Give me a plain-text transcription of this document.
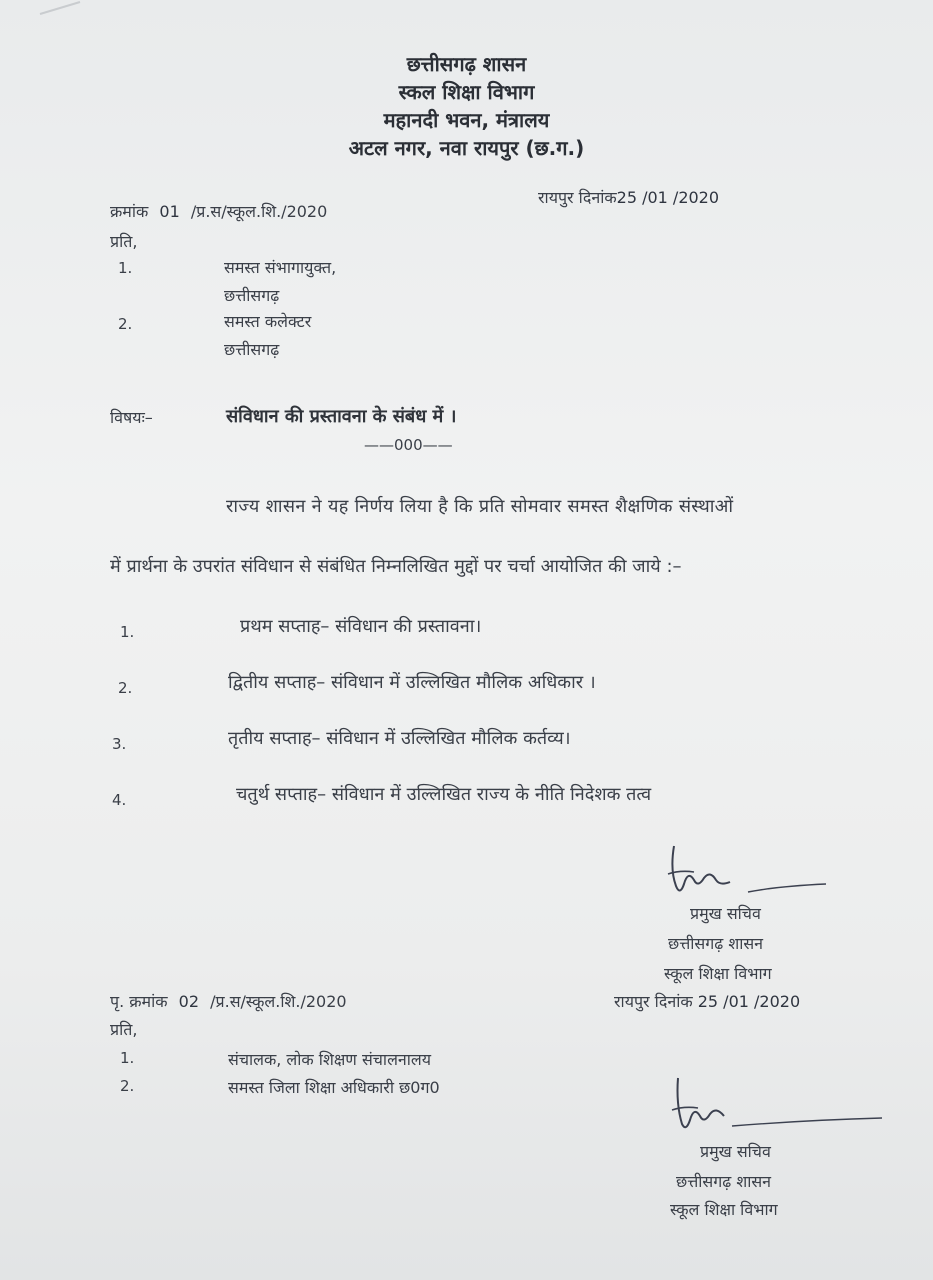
छत्तीसगढ़ शासन
स्कल शिक्षा विभाग
महानदी भवन, मंत्रालय
अटल नगर, नवा रायपुर (छ.ग.)
क्रमांक 01 /प्र.स/स्कूल.शि./2020
रायपुर दिनांक25 /01 /2020
प्रति,
1.	समस्त संभागायुक्त,
छत्तीसगढ़
2.	समस्त कलेक्टर
छत्तीसगढ़
विषयः–	संविधान की प्रस्तावना के संबंध में ।
——000——
राज्य शासन ने यह निर्णय लिया है कि प्रति सोमवार समस्त शैक्षणिक संस्थाओं
में प्रार्थना के उपरांत संविधान से संबंधित निम्नलिखित मुद्दों पर चर्चा आयोजित की जाये :–
1.	प्रथम सप्ताह– संविधान की प्रस्तावना।
2.	द्वितीय सप्ताह– संविधान में उल्लिखित मौलिक अधिकार ।
3.	तृतीय सप्ताह– संविधान में उल्लिखित मौलिक कर्तव्य।
4.	चतुर्थ सप्ताह– संविधान में उल्लिखित राज्य के नीति निदेशक तत्व
प्रमुख सचिव
छत्तीसगढ़ शासन
स्कूल शिक्षा विभाग
पृ. क्रमांक 02 /प्र.स/स्कूल.शि./2020	रायपुर दिनांक 25 /01 /2020
प्रति,
1.	संचालक, लोक शिक्षण संचालनालय
2.	समस्त जिला शिक्षा अधिकारी छ0ग0
प्रमुख सचिव
छत्तीसगढ़ शासन
स्कूल शिक्षा विभाग
